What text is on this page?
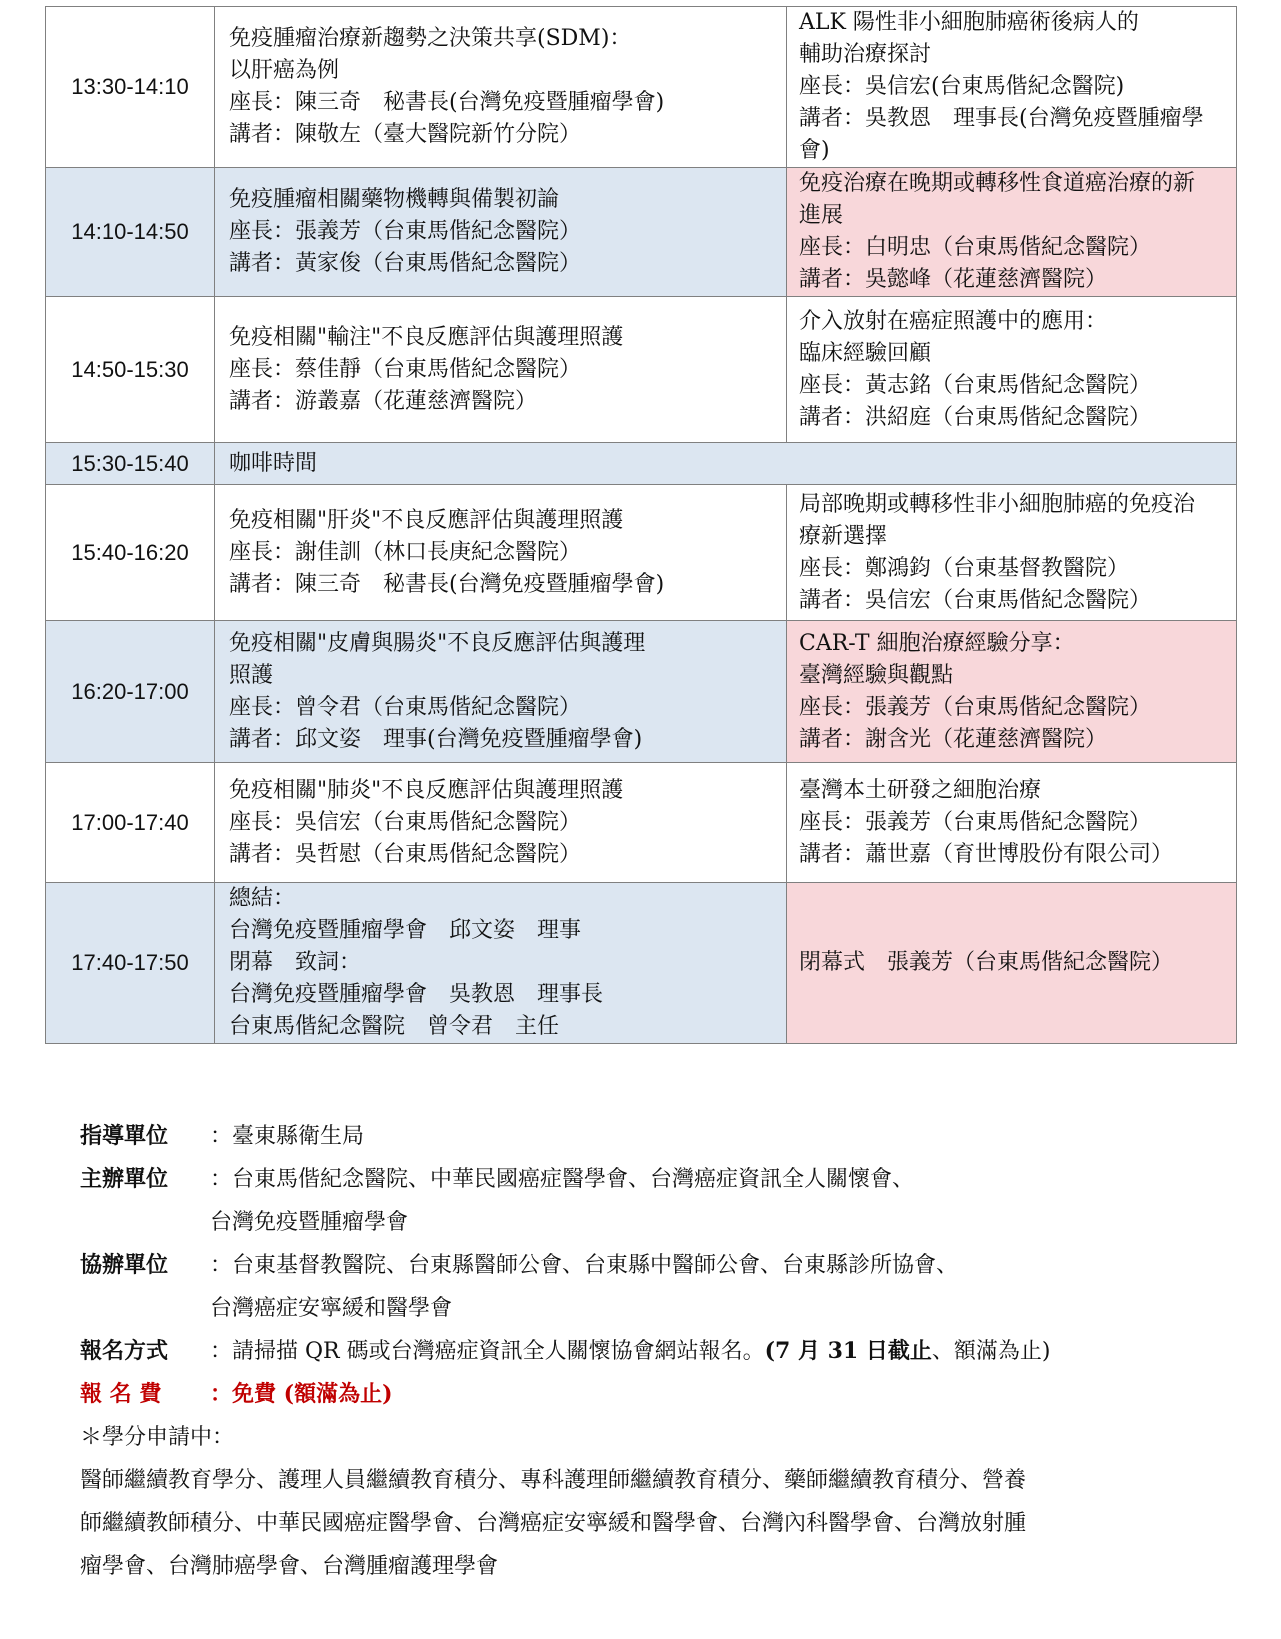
13:30-14:10	免疫腫瘤治療新趨勢之決策共享(SDM)：
以肝癌為例
座長：陳三奇　秘書長(台灣免疫暨腫瘤學會)
講者：陳敬左（臺大醫院新竹分院）	ALK 陽性非小細胞肺癌術後病人的
輔助治療探討
座長：吳信宏(台東馬偕紀念醫院)
講者：吳教恩　理事長(台灣免疫暨腫瘤學
會)

14:10-14:50	免疫腫瘤相關藥物機轉與備製初論
座長：張義芳（台東馬偕紀念醫院）
講者：黃家俊（台東馬偕紀念醫院）	免疫治療在晚期或轉移性食道癌治療的新
進展
座長：白明忠（台東馬偕紀念醫院）
講者：吳懿峰（花蓮慈濟醫院）

14:50-15:30	免疫相關"輸注"不良反應評估與護理照護
座長：蔡佳靜（台東馬偕紀念醫院）
講者：游叢嘉（花蓮慈濟醫院）	介入放射在癌症照護中的應用：
臨床經驗回顧
座長：黃志銘（台東馬偕紀念醫院）
講者：洪紹庭（台東馬偕紀念醫院）

15:30-15:40	咖啡時間	
15:40-16:20	免疫相關"肝炎"不良反應評估與護理照護
座長：謝佳訓（林口長庚紀念醫院）
講者：陳三奇　秘書長(台灣免疫暨腫瘤學會)	局部晚期或轉移性非小細胞肺癌的免疫治
療新選擇
座長：鄭鴻鈞（台東基督教醫院）
講者：吳信宏（台東馬偕紀念醫院）

16:20-17:00	免疫相關"皮膚與腸炎"不良反應評估與護理
照護
座長：曾令君（台東馬偕紀念醫院）
講者：邱文姿　理事(台灣免疫暨腫瘤學會)	CAR-T 細胞治療經驗分享：
臺灣經驗與觀點
座長：張義芳（台東馬偕紀念醫院）
講者：謝含光（花蓮慈濟醫院）

17:00-17:40	免疫相關"肺炎"不良反應評估與護理照護
座長：吳信宏（台東馬偕紀念醫院）
講者：吳哲慰（台東馬偕紀念醫院）	臺灣本土研發之細胞治療
座長：張義芳（台東馬偕紀念醫院）
講者：蕭世嘉（育世博股份有限公司）

17:40-17:50	總結：
台灣免疫暨腫瘤學會　邱文姿　理事
閉幕　致詞：
台灣免疫暨腫瘤學會　吳教恩　理事長
台東馬偕紀念醫院　曾令君　主任	閉幕式　張義芳（台東馬偕紀念醫院）
指導單位 ：臺東縣衛生局
主辦單位 ：台東馬偕紀念醫院、中華民國癌症醫學會、台灣癌症資訊全人關懷會、
台灣免疫暨腫瘤學會
協辦單位 ：台東基督教醫院、台東縣醫師公會、台東縣中醫師公會、台東縣診所協會、
台灣癌症安寧緩和醫學會
報名方式 ：請掃描 QR 碼或台灣癌症資訊全人關懷協會網站報名。(7 月 31 日截止、額滿為止)
報 名 費 ：免費 (額滿為止)
＊學分申請中：
醫師繼續教育學分、護理人員繼續教育積分、專科護理師繼續教育積分、藥師繼續教育積分、營養
師繼續教師積分、中華民國癌症醫學會、台灣癌症安寧緩和醫學會、台灣內科醫學會、台灣放射腫
瘤學會、台灣肺癌學會、台灣腫瘤護理學會
